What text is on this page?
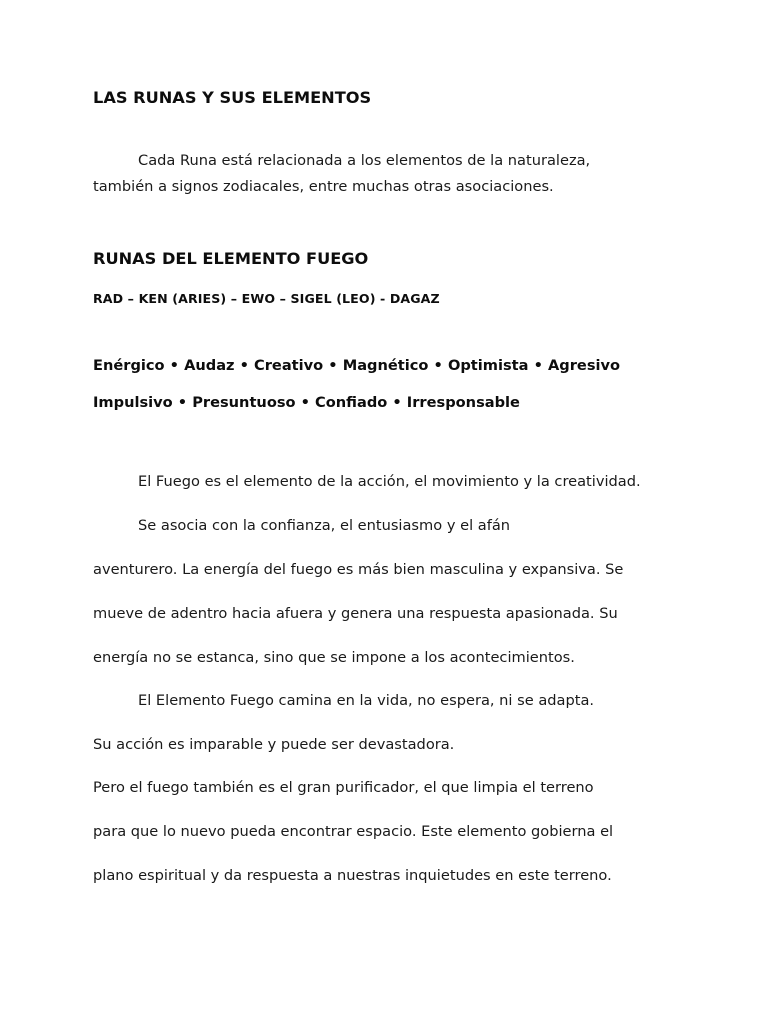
LAS RUNAS Y SUS ELEMENTOS
Cada Runa está relacionada a los elementos de la naturaleza,
también a signos zodiacales, entre muchas otras asociaciones.
RUNAS DEL ELEMENTO FUEGO
RAD – KEN (ARIES) – EWO – SIGEL (LEO) - DAGAZ
Enérgico • Audaz • Creativo • Magnético • Optimista • Agresivo
Impulsivo • Presuntuoso • Confiado • Irresponsable
El Fuego es el elemento de la acción, el movimiento y la creatividad.
Se asocia con la confianza, el entusiasmo y el afán
aventurero. La energía del fuego es más bien masculina y expansiva. Se
mueve de adentro hacia afuera y genera una respuesta apasionada. Su
energía no se estanca, sino que se impone a los acontecimientos.
El Elemento Fuego camina en la vida, no espera, ni se adapta.
Su acción es imparable y puede ser devastadora.
Pero el fuego también es el gran purificador, el que limpia el terreno
para que lo nuevo pueda encontrar espacio. Este elemento gobierna el
plano espiritual y da respuesta a nuestras inquietudes en este terreno.
